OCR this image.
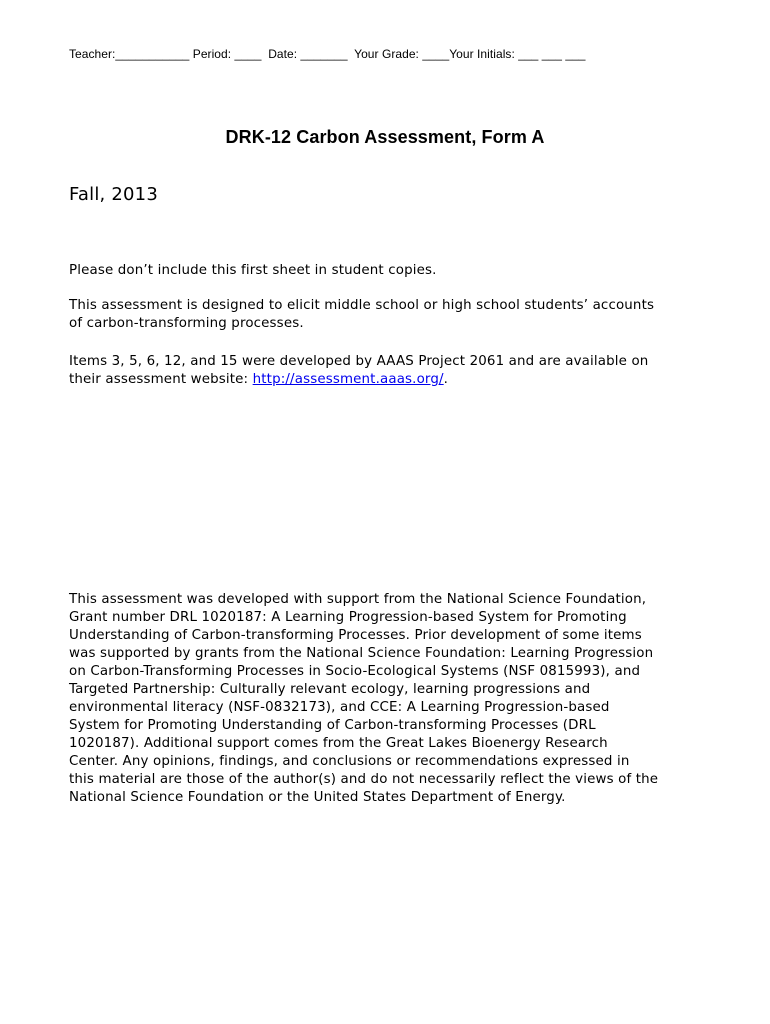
Teacher:___________ Period: ____  Date: _______  Your Grade: ____Your Initials: ___ ___ ___
DRK-12 Carbon Assessment, Form A
Fall, 2013

Please don’t include this first sheet in student copies.

This assessment is designed to elicit middle school or high school students’ accounts
of carbon-transforming processes.

Items 3, 5, 6, 12, and 15 were developed by AAAS Project 2061 and are available on
their assessment website: http://assessment.aaas.org/.

This assessment was developed with support from the National Science Foundation,
Grant number DRL 1020187: A Learning Progression-based System for Promoting
Understanding of Carbon-transforming Processes. Prior development of some items
was supported by grants from the National Science Foundation: Learning Progression
on Carbon-Transforming Processes in Socio-Ecological Systems (NSF 0815993), and
Targeted Partnership: Culturally relevant ecology, learning progressions and
environmental literacy (NSF-0832173), and CCE: A Learning Progression-based
System for Promoting Understanding of Carbon-transforming Processes (DRL
1020187). Additional support comes from the Great Lakes Bioenergy Research
Center. Any opinions, findings, and conclusions or recommendations expressed in
this material are those of the author(s) and do not necessarily reflect the views of the
National Science Foundation or the United States Department of Energy.
